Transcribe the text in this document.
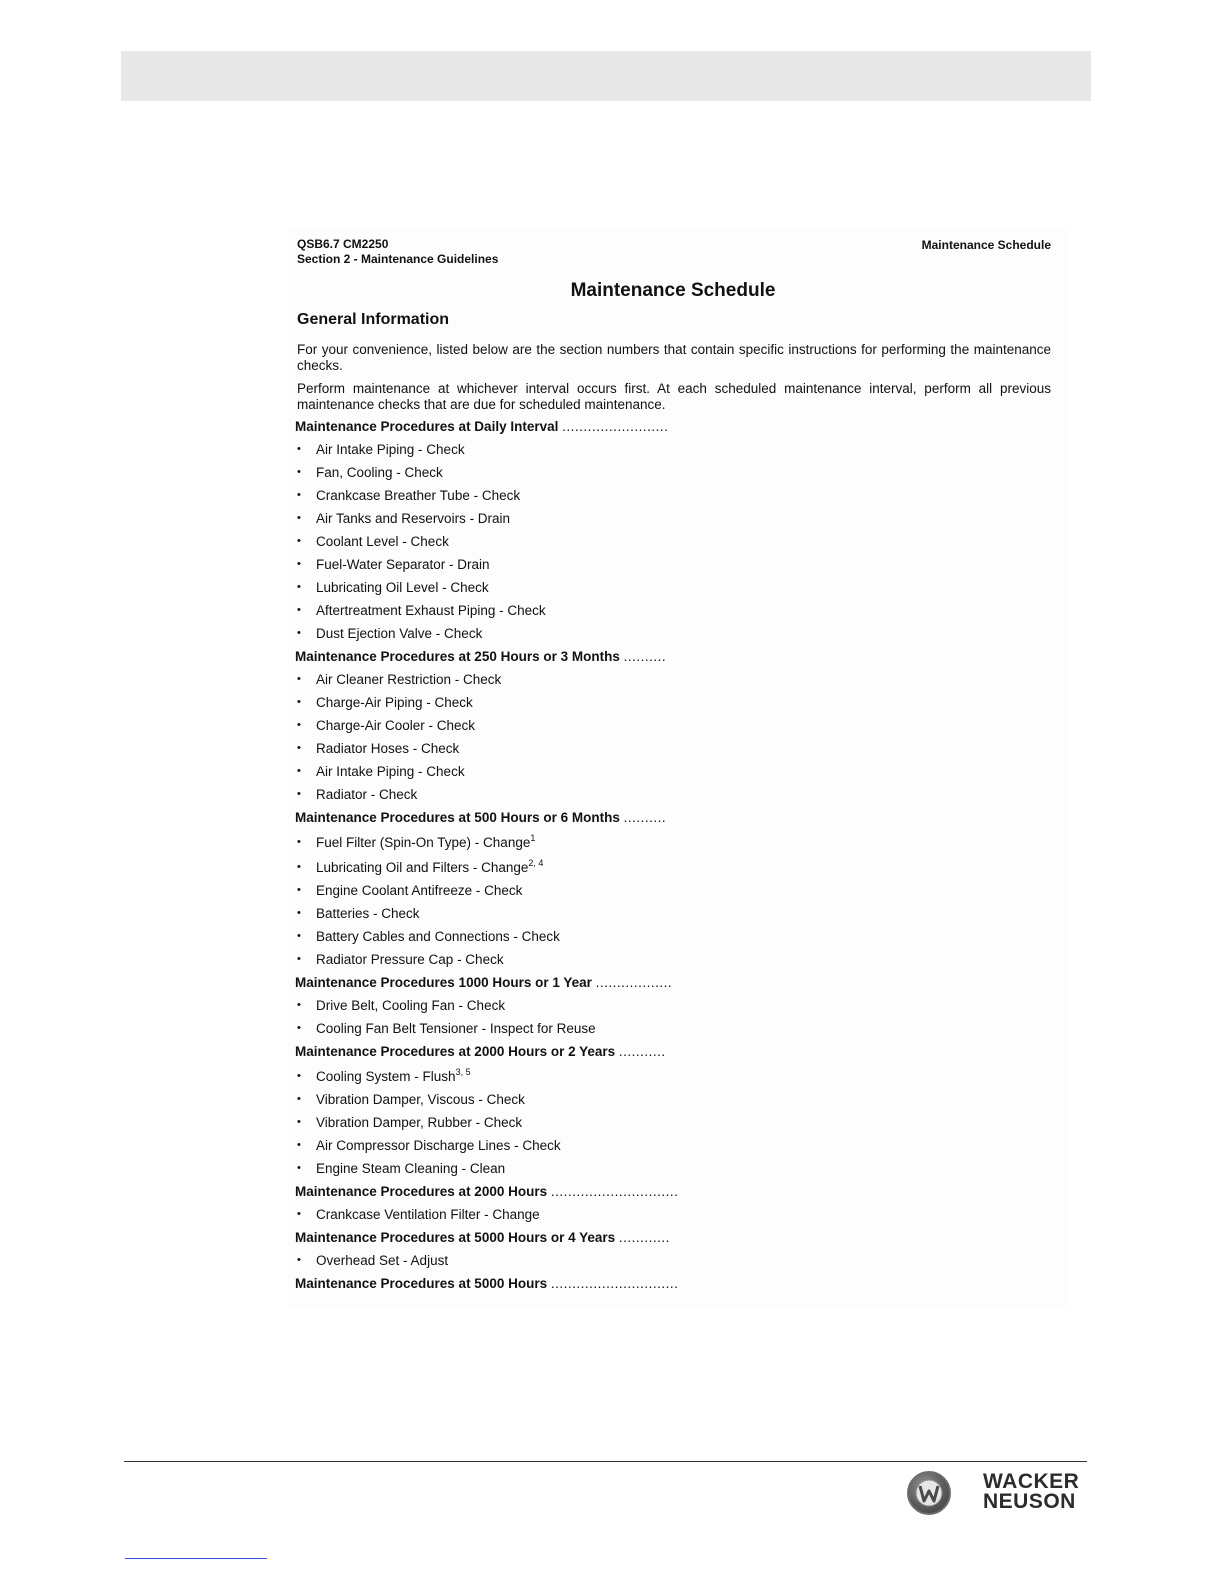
QSB6.7 CM2250
Section 2 - Maintenance Guidelines
Maintenance Schedule
Maintenance Schedule
General Information
For your convenience, listed below are the section numbers that contain specific instructions for performing the maintenance checks.
Perform maintenance at whichever interval occurs first. At each scheduled maintenance interval, perform all previous maintenance checks that are due for scheduled maintenance.
Maintenance Procedures at Daily Interval .........................
• Air Intake Piping - Check
• Fan, Cooling - Check
• Crankcase Breather Tube - Check
• Air Tanks and Reservoirs - Drain
• Coolant Level - Check
• Fuel-Water Separator - Drain
• Lubricating Oil Level - Check
• Aftertreatment Exhaust Piping - Check
• Dust Ejection Valve - Check
Maintenance Procedures at 250 Hours or 3 Months ..........
• Air Cleaner Restriction - Check
• Charge-Air Piping - Check
• Charge-Air Cooler - Check
• Radiator Hoses - Check
• Air Intake Piping - Check
• Radiator - Check
Maintenance Procedures at 500 Hours or 6 Months ..........
• Fuel Filter (Spin-On Type) - Change$^1$
• Lubricating Oil and Filters - Change$^{2, 4}$
• Engine Coolant Antifreeze - Check
• Batteries - Check
• Battery Cables and Connections - Check
• Radiator Pressure Cap - Check
Maintenance Procedures 1000 Hours or 1 Year ..................
• Drive Belt, Cooling Fan - Check
• Cooling Fan Belt Tensioner - Inspect for Reuse
Maintenance Procedures at 2000 Hours or 2 Years ...........
• Cooling System - Flush$^{3, 5}$
• Vibration Damper, Viscous - Check
• Vibration Damper, Rubber - Check
• Air Compressor Discharge Lines - Check
• Engine Steam Cleaning - Clean
Maintenance Procedures at 2000 Hours ..............................
• Crankcase Ventilation Filter - Change
Maintenance Procedures at 5000 Hours or 4 Years ............
• Overhead Set - Adjust
Maintenance Procedures at 5000 Hours ..............................
WACKER
NEUSON
